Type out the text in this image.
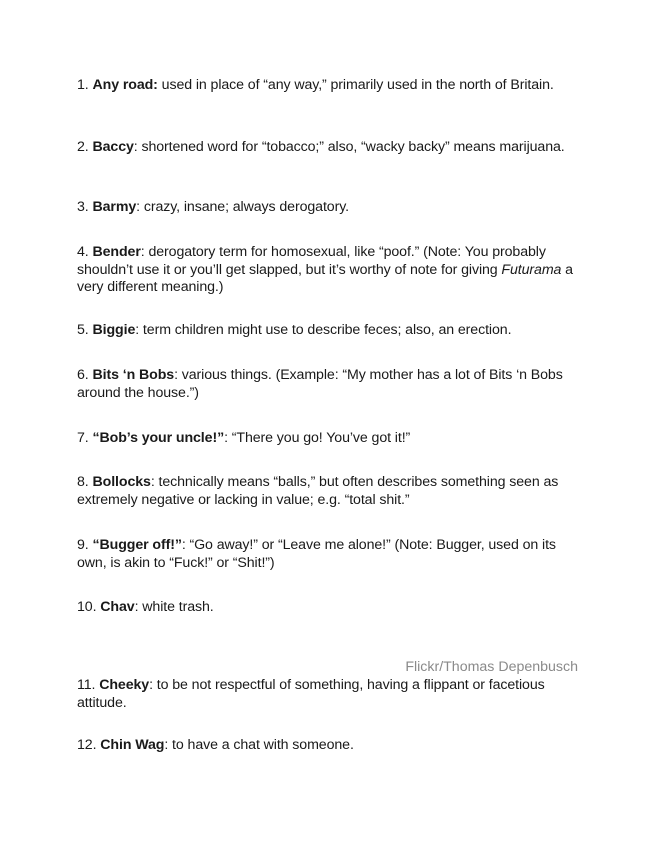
1. Any road: used in place of “any way,” primarily used in the north of Britain.

2. Baccy: shortened word for “tobacco;” also, “wacky backy” means marijuana.

3. Barmy: crazy, insane; always derogatory.

4. Bender: derogatory term for homosexual, like “poof.” (Note: You probably shouldn’t use it or you’ll get slapped, but it’s worthy of note for giving Futurama a very different meaning.)

5. Biggie: term children might use to describe feces; also, an erection.

6. Bits ‘n Bobs: various things. (Example: “My mother has a lot of Bits ‘n Bobs around the house.”)

7. “Bob’s your uncle!”: “There you go! You’ve got it!”

8. Bollocks: technically means “balls,” but often describes something seen as extremely negative or lacking in value; e.g. “total shit.”

9. “Bugger off!”: “Go away!” or “Leave me alone!” (Note: Bugger, used on its own, is akin to “Fuck!” or “Shit!”)

10. Chav: white trash.

Flickr/Thomas Depenbusch

11. Cheeky: to be not respectful of something, having a flippant or facetious attitude.

12. Chin Wag: to have a chat with someone.
